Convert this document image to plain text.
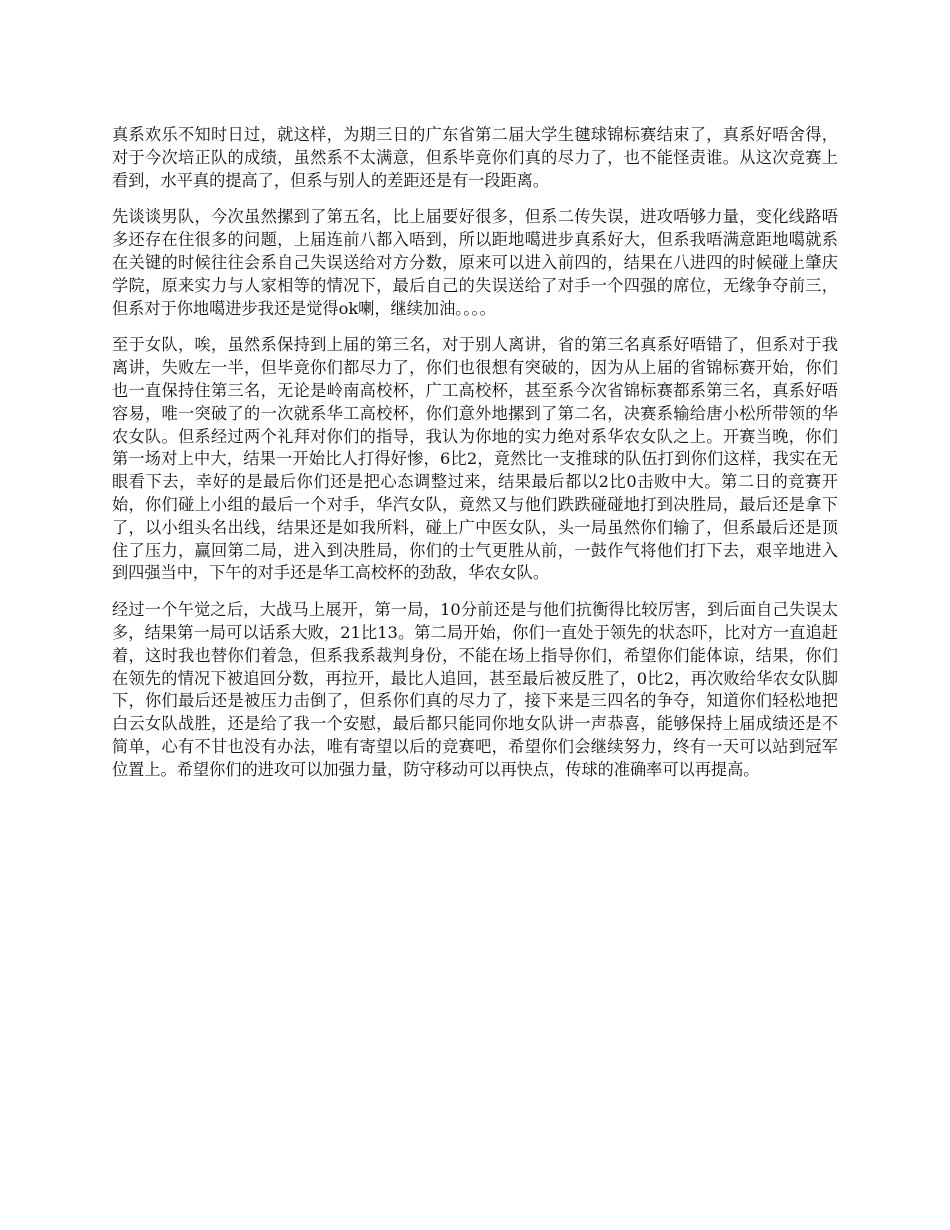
真系欢乐不知时日过，就这样，为期三日的广东省第二届大学生毽球锦标赛结束了，真系好唔舍得，对于今次培正队的成绩，虽然系不太满意，但系毕竟你们真的尽力了，也不能怪责谁。从这次竞赛上看到，水平真的提高了，但系与别人的差距还是有一段距离。

先谈谈男队，今次虽然摞到了第五名，比上届要好很多，但系二传失误，进攻唔够力量，变化线路唔多还存在住很多的问题，上届连前八都入唔到，所以距地噶进步真系好大，但系我唔满意距地噶就系在关键的时候往往会系自己失误送给对方分数，原来可以进入前四的，结果在八进四的时候碰上肇庆学院，原来实力与人家相等的情况下，最后自己的失误送给了对手一个四强的席位，无缘争夺前三，但系对于你地噶进步我还是觉得ok喇，继续加油。。。。

至于女队，唉，虽然系保持到上届的第三名，对于别人离讲，省的第三名真系好唔错了，但系对于我离讲，失败左一半，但毕竟你们都尽力了，你们也很想有突破的，因为从上届的省锦标赛开始，你们也一直保持住第三名，无论是岭南高校杯，广工高校杯，甚至系今次省锦标赛都系第三名，真系好唔容易，唯一突破了的一次就系华工高校杯，你们意外地摞到了第二名，决赛系输给唐小松所带领的华农女队。但系经过两个礼拜对你们的指导，我认为你地的实力绝对系华农女队之上。开赛当晚，你们第一场对上中大，结果一开始比人打得好惨，6比2，竟然比一支推球的队伍打到你们这样，我实在无眼看下去，幸好的是最后你们还是把心态调整过来，结果最后都以2比0击败中大。第二日的竞赛开始，你们碰上小组的最后一个对手，华汽女队，竟然又与他们跌跌碰碰地打到决胜局，最后还是拿下了，以小组头名出线，结果还是如我所料，碰上广中医女队，头一局虽然你们输了，但系最后还是顶住了压力，赢回第二局，进入到决胜局，你们的士气更胜从前，一鼓作气将他们打下去，艰辛地进入到四强当中，下午的对手还是华工高校杯的劲敌，华农女队。

经过一个午觉之后，大战马上展开，第一局，10分前还是与他们抗衡得比较厉害，到后面自己失误太多，结果第一局可以话系大败，21比13。第二局开始，你们一直处于领先的状态吓，比对方一直追赶着，这时我也替你们着急，但系我系裁判身份，不能在场上指导你们，希望你们能体谅，结果，你们在领先的情况下被追回分数，再拉开，最比人追回，甚至最后被反胜了，0比2，再次败给华农女队脚下，你们最后还是被压力击倒了，但系你们真的尽力了，接下来是三四名的争夺，知道你们轻松地把白云女队战胜，还是给了我一个安慰，最后都只能同你地女队讲一声恭喜，能够保持上届成绩还是不简单，心有不甘也没有办法，唯有寄望以后的竞赛吧，希望你们会继续努力，终有一天可以站到冠军位置上。希望你们的进攻可以加强力量，防守移动可以再快点，传球的准确率可以再提高。
